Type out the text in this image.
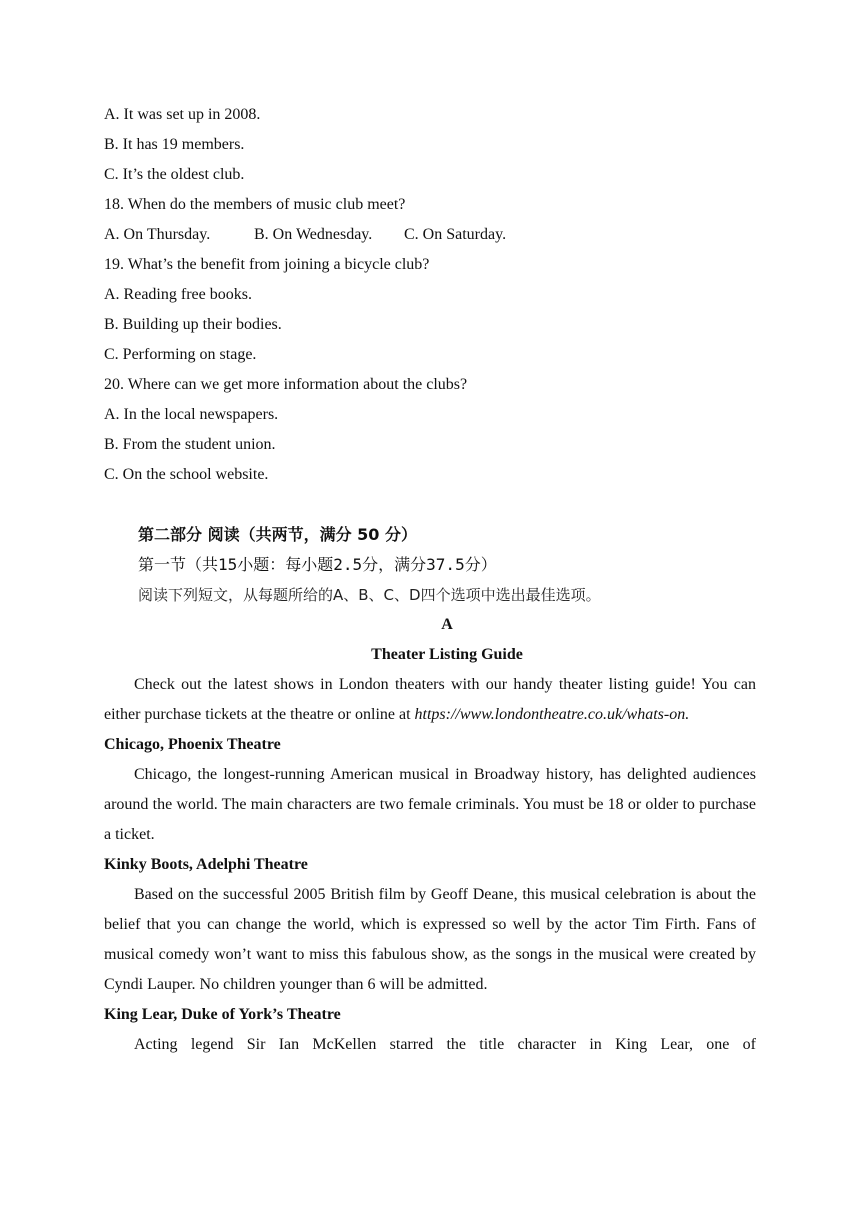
A. It was set up in 2008.
B. It has 19 members.
C. It’s the oldest club.
18. When do the members of music club meet?
A. On Thursday.	B. On Wednesday.	C. On Saturday.
19. What’s the benefit from joining a bicycle club?
A. Reading free books.
B. Building up their bodies.
C. Performing on stage.
20. Where can we get more information about the clubs?
A. In the local newspapers.
B. From the student union.
C. On the school website.
第二部分 阅读（共两节，满分 50 分）
第一节（共15小题：每小题2.5分，满分37.5分）
阅读下列短文，从每题所给的A、B、C、D四个选项中选出最佳选项。
A
Theater Listing Guide
Check out the latest shows in London theaters with our handy theater listing guide! You can either purchase tickets at the theatre or online at https://www.londontheatre.co.uk/whats-on.
Chicago, Phoenix Theatre
Chicago, the longest-running American musical in Broadway history, has delighted audiences around the world. The main characters are two female criminals. You must be 18 or older to purchase a ticket.
Kinky Boots, Adelphi Theatre
Based on the successful 2005 British film by Geoff Deane, this musical celebration is about the belief that you can change the world, which is expressed so well by the actor Tim Firth. Fans of musical comedy won’t want to miss this fabulous show, as the songs in the musical were created by Cyndi Lauper. No children younger than 6 will be admitted.
King Lear, Duke of York’s Theatre
Acting legend Sir Ian McKellen starred the title character in King Lear, one of
